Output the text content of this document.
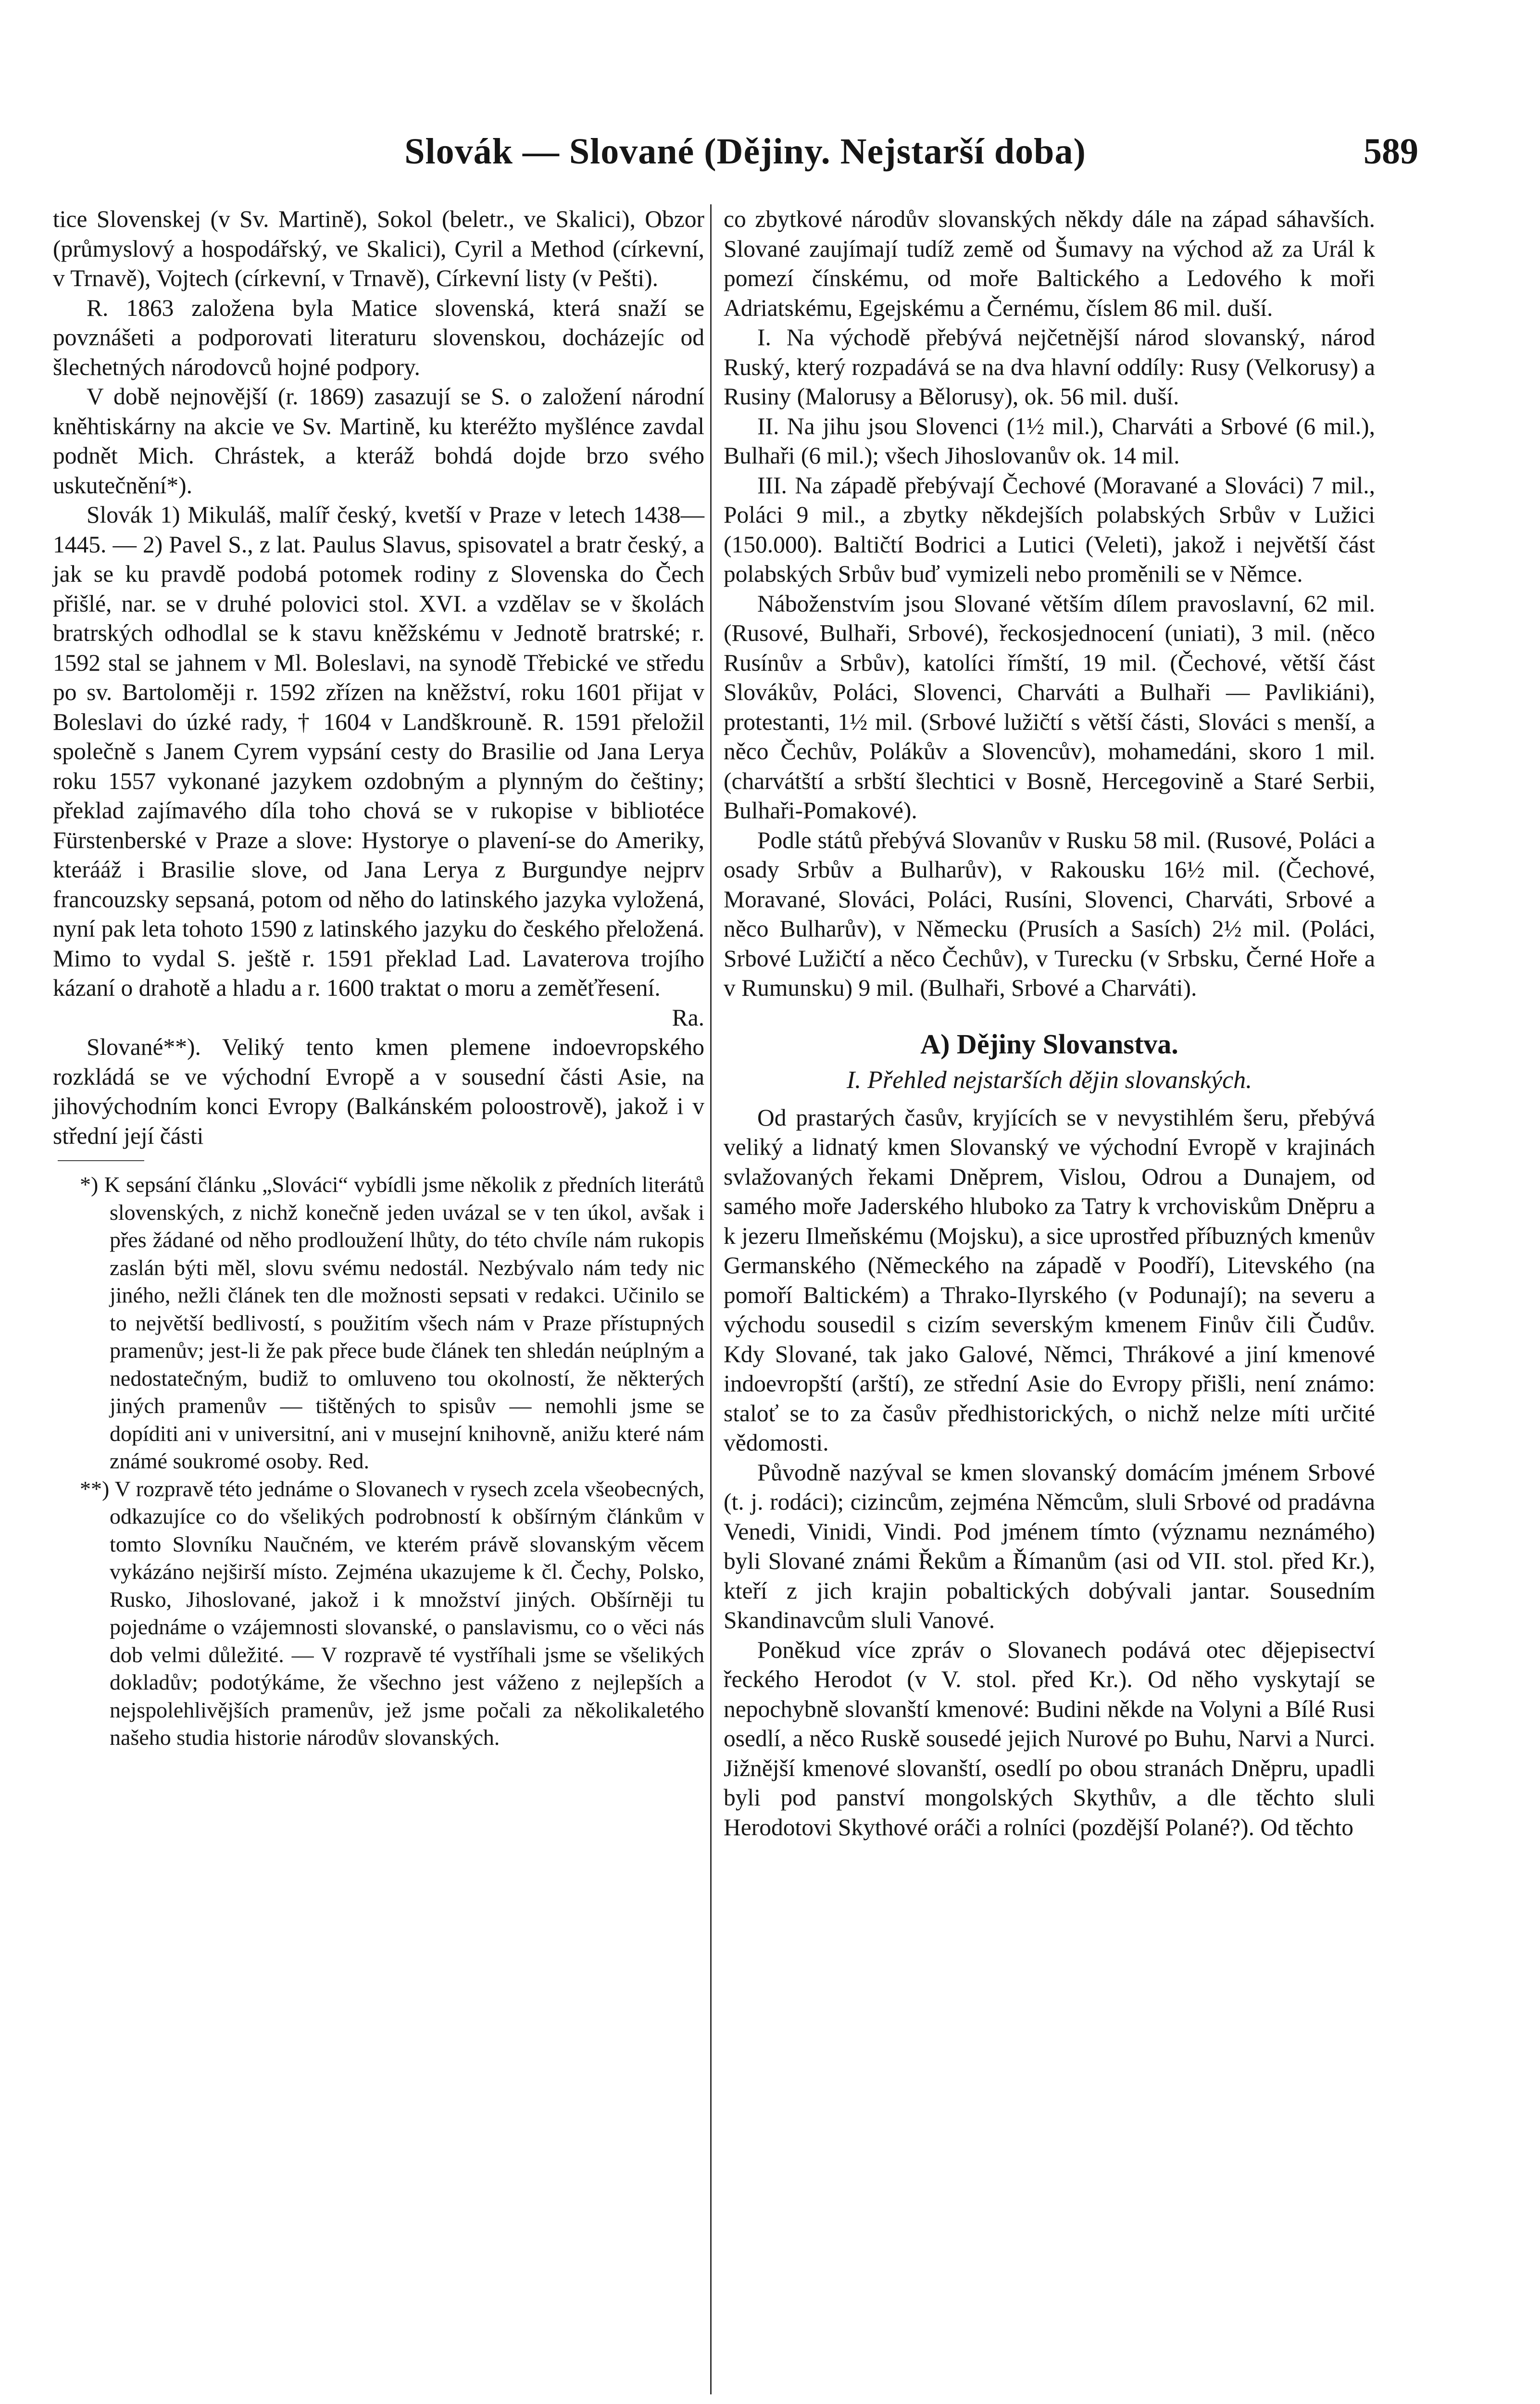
Slovák — Slované (Dějiny. Nejstarší doba)	589

tice Slovenskej (v Sv. Martině), Sokol (beletr., ve Skalici), Obzor (průmyslový a hospodářský, ve Skalici), Cyril a Method (církevní, v Trnavě), Vojtech (církevní, v Trnavě), Církevní listy (v Pešti).

R. 1863 založena byla Matice slovenská, která snaží se povznášeti a podporovati literaturu slovenskou, docházejíc od šlechetných národovců hojné podpory.

V době nejnovější (r. 1869) zasazují se S. o založení národní kněhtiskárny na akcie ve Sv. Martině, ku kteréžto myšlénce zavdal podnět Mich. Chrástek, a kteráž bohdá dojde brzo svého uskutečnění*).

Slovák 1) Mikuláš, malíř český, kvetší v Praze v letech 1438—1445. — 2) Pavel S., z lat. Paulus Slavus, spisovatel a bratr český, a jak se ku pravdě podobá potomek rodiny z Slovenska do Čech přišlé, nar. se v druhé polovici stol. XVI. a vzdělav se v školách bratrských odhodlal se k stavu kněžskému v Jednotě bratrské; r. 1592 stal se jahnem v Ml. Boleslavi, na synodě Třebické ve středu po sv. Bartoloměji r. 1592 zřízen na kněžství, roku 1601 přijat v Boleslavi do úzké rady, † 1604 v Landškrouně. R. 1591 přeložil společně s Janem Cyrem vypsání cesty do Brasilie od Jana Lerya roku 1557 vykonané jazykem ozdobným a plynným do češtiny; překlad zajímavého díla toho chová se v rukopise v bibliotéce Fürstenberské v Praze a slove: Hystorye o plavení-se do Ameriky, kterááž i Brasilie slove, od Jana Lerya z Burgundye nejprv francouzsky sepsaná, potom od něho do latinského jazyka vyložená, nyní pak leta tohoto 1590 z latinského jazyku do českého přeložená. Mimo to vydal S. ještě r. 1591 překlad Lad. Lavaterova trojího kázaní o drahotě a hladu a r. 1600 traktat o moru a zeměťřesení.

Ra.

Slované**). Veliký tento kmen plemene indoevropského rozkládá se ve východní Evropě a v sousední části Asie, na jihovýchodním konci Evropy (Balkánském poloostrově), jakož i v střední její části

*) K sepsání článku „Slováci“ vybídli jsme několik z předních literátů slovenských, z nichž konečně jeden uvázal se v ten úkol, avšak i přes žádané od něho prodloužení lhůty, do této chvíle nám rukopis zaslán býti měl, slovu svému nedostál. Nezbývalo nám tedy nic jiného, nežli článek ten dle možnosti sepsati v redakci. Učinilo se to největší bedlivostí, s použitím všech nám v Praze přístupných pramenův; jest-li že pak přece bude článek ten shledán neúplným a nedostatečným, budiž to omluveno tou okolností, že některých jiných pramenův — tištěných to spisův — nemohli jsme se dopíditi ani v universitní, ani v musejní knihovně, anižu které nám známé soukromé osoby. Red.

**) V rozpravě této jednáme o Slovanech v rysech zcela všeobecných, odkazujíce co do všelikých podrobností k obšírným článkům v tomto Slovníku Naučném, ve kterém právě slovanským věcem vykázáno nejširší místo. Zejména ukazujeme k čl. Čechy, Polsko, Rusko, Jihoslované, jakož i k množství jiných. Obšírněji tu pojednáme o vzájemnosti slovanské, o panslavismu, co o věci nás dob velmi důležité. — V rozpravě té vystříhali jsme se všelikých dokladův; podotýkáme, že všechno jest váženo z nejlepších a nejspolehlivějších pramenův, jež jsme počali za několikaletého našeho studia historie národův slovanských.

co zbytkové národův slovanských někdy dále na západ sáhavších. Slované zaujímají tudíž země od Šumavy na východ až za Urál k pomezí čínskému, od moře Baltického a Ledového k moři Adriatskému, Egejskému a Černému, číslem 86 mil. duší.

I. Na východě přebývá nejčetnější národ slovanský, národ Ruský, který rozpadává se na dva hlavní oddíly: Rusy (Velkorusy) a Rusiny (Malorusy a Bělorusy), ok. 56 mil. duší.

II. Na jihu jsou Slovenci (1½ mil.), Charváti a Srbové (6 mil.), Bulhaři (6 mil.); všech Jihoslovanův ok. 14 mil.

III. Na západě přebývají Čechové (Moravané a Slováci) 7 mil., Poláci 9 mil., a zbytky někdejších polabských Srbův v Lužici (150.000). Baltičtí Bodrici a Lutici (Veleti), jakož i největší část polabských Srbův buď vymizeli nebo proměnili se v Němce.

Náboženstvím jsou Slované větším dílem pravoslavní, 62 mil. (Rusové, Bulhaři, Srbové), řeckosjednocení (uniati), 3 mil. (něco Rusínův a Srbův), katolíci římští, 19 mil. (Čechové, větší část Slovákův, Poláci, Slovenci, Charváti a Bulhaři — Pavlikiáni), protestanti, 1½ mil. (Srbové lužičtí s větší části, Slováci s menší, a něco Čechův, Polákův a Slovencův), mohamedáni, skoro 1 mil. (charvátští a srbští šlechtici v Bosně, Hercegovině a Staré Serbii, Bulhaři-Pomakové).

Podle států přebývá Slovanův v Rusku 58 mil. (Rusové, Poláci a osady Srbův a Bulharův), v Rakousku 16½ mil. (Čechové, Moravané, Slováci, Poláci, Rusíni, Slovenci, Charváti, Srbové a něco Bulharův), v Německu (Prusích a Sasích) 2½ mil. (Poláci, Srbové Lužičtí a něco Čechův), v Turecku (v Srbsku, Černé Hoře a v Rumunsku) 9 mil. (Bulhaři, Srbové a Charváti).

A) Dějiny Slovanstva.

I. Přehled nejstarších dějin slovanských.

Od prastarých časův, kryjících se v nevystihlém šeru, přebývá veliký a lidnatý kmen Slovanský ve východní Evropě v krajinách svlažovaných řekami Dněprem, Vislou, Odrou a Dunajem, od samého moře Jaderského hluboko za Tatry k vrchoviskům Dněpru a k jezeru Ilmeňskému (Mojsku), a sice uprostřed příbuzných kmenův Germanského (Německého na západě v Poodří), Litevského (na pomoří Baltickém) a Thrako-Ilyrského (v Podunají); na severu a východu sousedil s cizím severským kmenem Finův čili Čudův. Kdy Slované, tak jako Galové, Němci, Thrákové a jiní kmenové indoevropští (arští), ze střední Asie do Evropy přišli, není známo: staloť se to za časův předhistorických, o nichž nelze míti určité vědomosti.

Původně nazýval se kmen slovanský domácím jménem Srbové (t. j. rodáci); cizincům, zejména Němcům, sluli Srbové od pradávna Venedi, Vinidi, Vindi. Pod jménem tímto (významu neznámého) byli Slované známi Řekům a Římanům (asi od VII. stol. před Kr.), kteří z jich krajin pobaltických dobývali jantar. Sousedním Skandinavcům sluli Vanové.

Poněkud více zpráv o Slovanech podává otec dějepisectví řeckého Herodot (v V. stol. před Kr.). Od něho vyskytají se nepochybně slovanští kmenové: Budini někde na Volyni a Bílé Rusi osedlí, a něco Ruskě sousedé jejich Nurové po Buhu, Narvi a Nurci. Jižnější kmenové slovanští, osedlí po obou stranách Dněpru, upadli byli pod panství mongolských Skythův, a dle těchto sluli Herodotovi Skythové oráči a rolníci (pozdější Polané?). Od těchto
